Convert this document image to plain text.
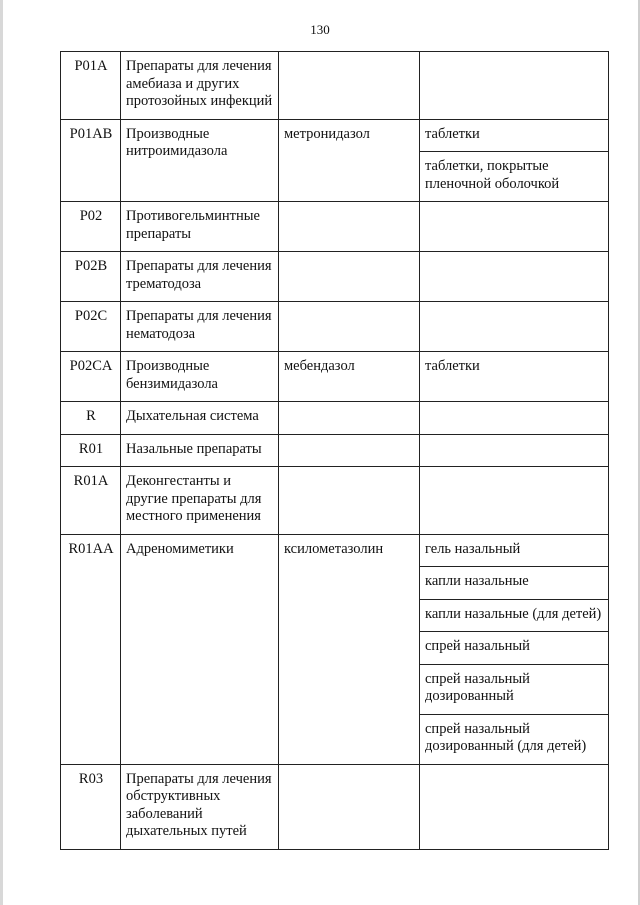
130
P01A	Препараты для лечения амебиаза и других протозойных инфекций		
P01AB	Производные нитроимидазола	метронидазол	таблетки
			таблетки, покрытые пленочной оболочкой
P02	Противогельминтные препараты		
P02B	Препараты для лечения трематодоза		
P02C	Препараты для лечения нематодоза		
P02CA	Производные бензимидазола	мебендазол	таблетки
R	Дыхательная система		
R01	Назальные препараты		
R01A	Деконгестанты и другие препараты для местного применения		
R01AA	Адреномиметики	ксилометазолин	гель назальный
			капли назальные
			капли назальные (для детей)
			спрей назальный
			спрей назальный дозированный
			спрей назальный дозированный (для детей)
R03	Препараты для лечения обструктивных заболеваний дыхательных путей		
